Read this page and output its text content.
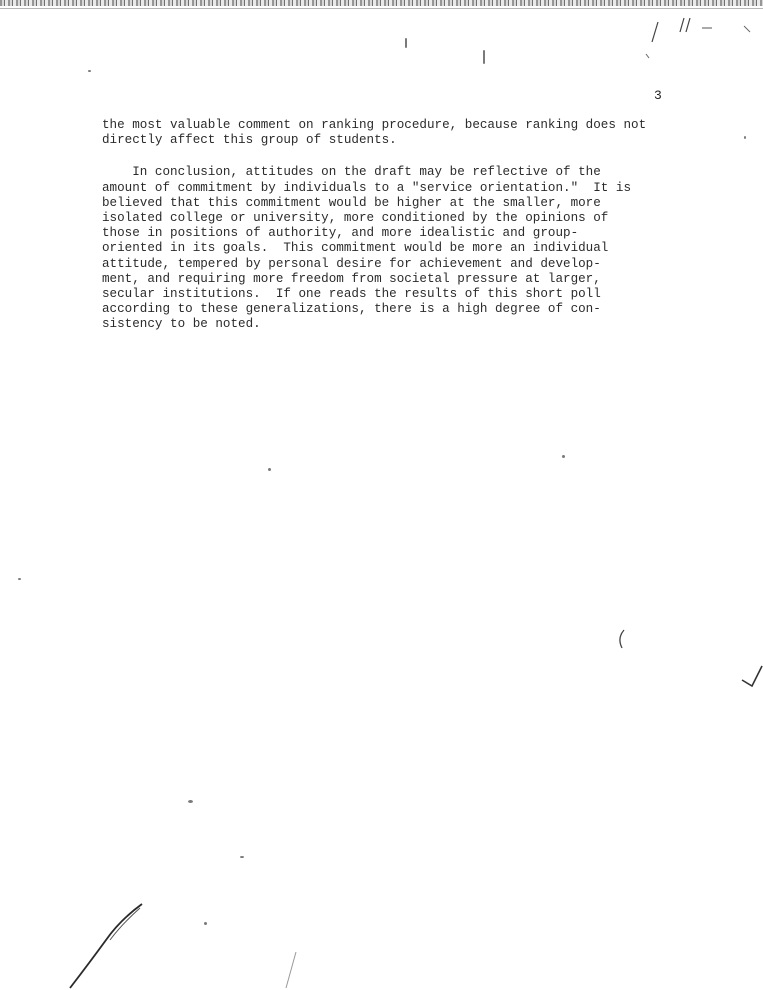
3
the most valuable comment on ranking procedure, because ranking does not
directly affect this group of students.
In conclusion, attitudes on the draft may be reflective of the
amount of commitment by individuals to a "service orientation."  It is
believed that this commitment would be higher at the smaller, more
isolated college or university, more conditioned by the opinions of
those in positions of authority, and more idealistic and group-
oriented in its goals.  This commitment would be more an individual
attitude, tempered by personal desire for achievement and develop-
ment, and requiring more freedom from societal pressure at larger,
secular institutions.  If one reads the results of this short poll
according to these generalizations, there is a high degree of con-
sistency to be noted.
